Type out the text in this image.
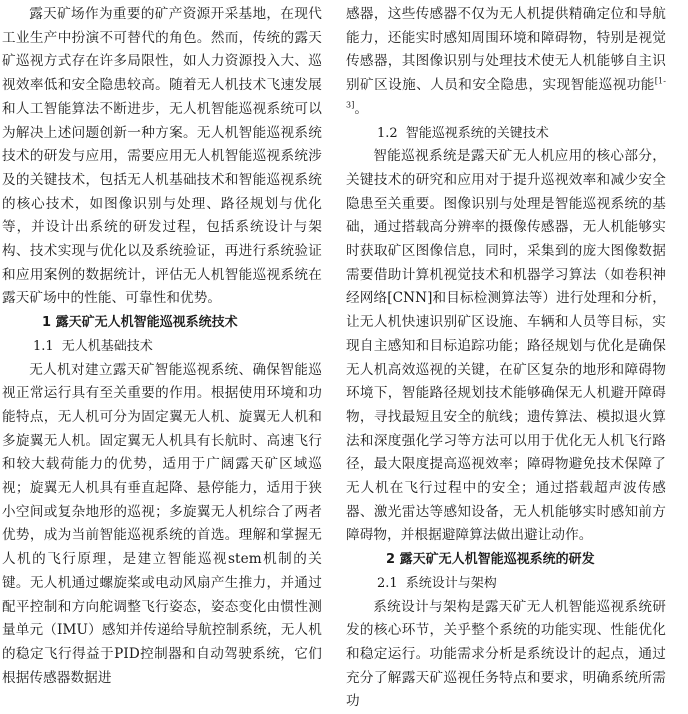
露天矿场作为重要的矿产资源开采基地，在现代工业生产中扮演不可替代的角色。然而，传统的露天矿巡视方式存在许多局限性，如人力资源投入大、巡视效率低和安全隐患较高。随着无人机技术飞速发展和人工智能算法不断进步，无人机智能巡视系统可以为解决上述问题创新一种方案。无人机智能巡视系统技术的研发与应用，需要应用无人机智能巡视系统涉及的关键技术，包括无人机基础技术和智能巡视系统的核心技术，如图像识别与处理、路径规划与优化等，并设计出系统的研发过程，包括系统设计与架构、技术实现与优化以及系统验证，再进行系统验证和应用案例的数据统计，评估无人机智能巡视系统在露天矿场中的性能、可靠性和优势。

1 露天矿无人机智能巡视系统技术

1.1 无人机基础技术

无人机对建立露天矿智能巡视系统、确保智能巡视正常运行具有至关重要的作用。根据使用环境和功能特点，无人机可分为固定翼无人机、旋翼无人机和多旋翼无人机。固定翼无人机具有长航时、高速飞行和较大载荷能力的优势，适用于广阔露天矿区域巡视；旋翼无人机具有垂直起降、悬停能力，适用于狭小空间或复杂地形的巡视；多旋翼无人机综合了两者优势，成为当前智能巡视系统的首选。理解和掌握无人机的飞行原理，是建立智能巡视stem机制的关键。无人机通过螺旋桨或电动风扇产生推力，并通过配平控制和方向舵调整飞行姿态，姿态变化由惯性测量单元（IMU）感知并传递给导航控制系统，无人机的稳定飞行得益于PID控制器和自动驾驶系统，它们根据传感器数据进

感器，这些传感器不仅为无人机提供精确定位和导航能力，还能实时感知周围环境和障碍物，特别是视觉传感器，其图像识别与处理技术使无人机能够自主识别矿区设施、人员和安全隐患，实现智能巡视功能[1-3]。

1.2 智能巡视系统的关键技术

智能巡视系统是露天矿无人机应用的核心部分，关键技术的研究和应用对于提升巡视效率和减少安全隐患至关重要。图像识别与处理是智能巡视系统的基础，通过搭载高分辨率的摄像传感器，无人机能够实时获取矿区图像信息，同时，采集到的庞大图像数据需要借助计算机视觉技术和机器学习算法（如卷积神经网络[CNN]和目标检测算法等）进行处理和分析，让无人机快速识别矿区设施、车辆和人员等目标，实现自主感知和目标追踪功能；路径规划与优化是确保无人机高效巡视的关键，在矿区复杂的地形和障碍物环境下，智能路径规划技术能够确保无人机避开障碍物，寻找最短且安全的航线；遗传算法、模拟退火算法和深度强化学习等方法可以用于优化无人机飞行路径，最大限度提高巡视效率；障碍物避免技术保障了无人机在飞行过程中的安全；通过搭载超声波传感器、激光雷达等感知设备，无人机能够实时感知前方障碍物，并根据避障算法做出避让动作。

2 露天矿无人机智能巡视系统的研发

2.1 系统设计与架构

系统设计与架构是露天矿无人机智能巡视系统研发的核心环节，关乎整个系统的功能实现、性能优化和稳定运行。功能需求分析是系统设计的起点，通过充分了解露天矿巡视任务特点和要求，明确系统所需功
